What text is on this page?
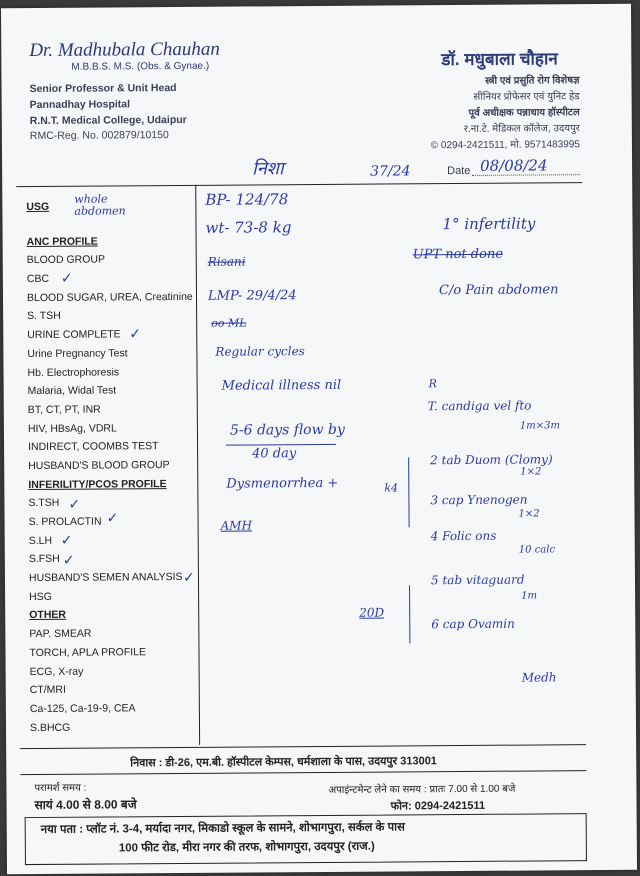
Dr. Madhubala Chauhan
M.B.B.S. M.S. (Obs. & Gynae.)
Senior Professor & Unit Head
Pannadhay Hospital
R.N.T. Medical College, Udaipur
RMC-Reg. No. 002879/10150
डॉ. मधुबाला चौहान
स्त्री एवं प्रसुति रोग विशेषज्ञ
सीनियर प्रोफेसर एवं युनिट हेड
पूर्व अधीक्षक पन्नाधाय हॉस्पीटल
र.ना.टे. मेडिकल कॉलेज, उदयपुर
© 0294-2421511, मो. 9571483995
निशा	37/24	Date 08/08/24
USG
ANC PROFILE
BLOOD GROUP
CBC
BLOOD SUGAR, UREA, Creatinine
S. TSH
URINE COMPLETE
Urine Pregnancy Test
Hb. Electrophoresis
Malaria, Widal Test
BT, CT, PT, INR
HIV, HBsAg, VDRL
INDIRECT, COOMBS TEST
HUSBAND'S BLOOD GROUP
INFERILITY/PCOS PROFILE
S.TSH
S. PROLACTIN
S.LH
S.FSH
HUSBAND'S SEMEN ANALYSIS
HSG
OTHER
PAP. SMEAR
TORCH, APLA PROFILE
ECG, X-ray
CT/MRI
Ca-125, Ca-19-9, CEA
S.BHCG
✓
✓
✓
✓
✓
✓
✓
whole abdomen
BP- 124/78
wt- 73-8 kg
Risani
LMP- 29/4/24
oo ML
Regular cycles
Medical illness nil
5-6 days flow by
40 day
Dysmenorrhea +
AMH
1° infertility
UPT not done
C/o Pain abdomen
R
T. candiga vel fto
1m×3m
k4
2 tab Duom (Clomy)
1×2
3 cap Ynenogen
1×2
4 Folic ons
10 calc
5 tab vitaguard
1m
20D
6 cap Ovamin
Medh
निवास : डी-26, एम.बी. हॉस्पीटल केम्पस, धर्मशाला के पास, उदयपुर 313001
परामर्श समय :
सायं 4.00 से 8.00 बजे
अपाइंन्टमेन्ट लेने का समय : प्रातः 7.00 से 1.00 बजे
फोन: 0294-2421511
नया पता : प्लॉट नं. 3-4, मर्यादा नगर, मिकाडो स्कूल के सामने, शोभागपुरा, सर्कल के पास
100 फीट रोड, मीरा नगर की तरफ, शोभागपुरा, उदयपुर (राज.)
